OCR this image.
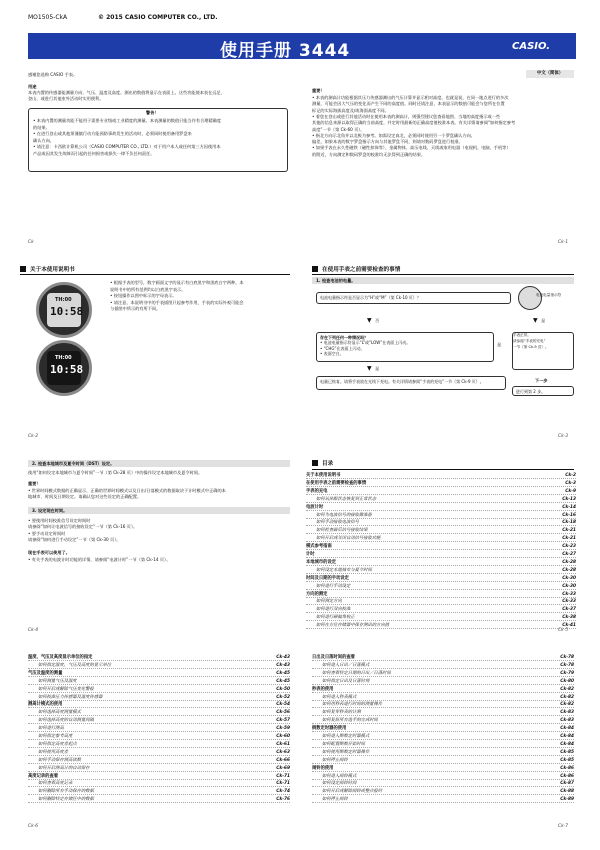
MO1505-CkA	© 2015 CASIO COMPUTER CO., LTD.
使用手册 3444	CASIO.
中文（简体）
感谢您选购 CASIO 手表。
用途
本表内置的传感器能测量方向、气压、温度及高度。测出的数值将显示在表面上。这些功能使本表在远足、
登山、或进行其他室外活动时实用便利。
警告！
• 本表内置的测量功能不能用于需要专业级或工业精度的测量。本表测量的数值只能当作有合理精确度
的结果。
• 在进行登山或其他须谨慎行动方能预防事故发生的活动时，必须同时使用备用罗盘来
确认方向。
• 请注意：卡西欧计算机公司（CASIO COMPUTER CO., LTD.）对于用户本人或任何第三方因使用本
产品或因其发生故障而引起的任何损害或损失一律不负任何责任。
Ck
重要！
• 本表的测高计功能根据其压力传感器测出的气压计算并显示相对高度。也就是说，在同一地点进行的多次
测量，可能会因大气压的变化而产生不同的高度值。同时还请注意，本表显示的数值可能会与您所在位置
标记的实际海拔高度及/或海面高度不同。
• 着您在登山或进行其他活动时在使用本表的测高计，则强烈建议您查看地图、当地的高度指示或一些
其他的信息来源以取得正确的当前高度，并定时用最新的正确高度值校准本表。有关详情请参阅“如何指定参考
高度”一节（第 Ck-60 页）。
• 指北方向示北角并以北极为参考。如需设定真北，必须同时使用另一个罗盘确认方向。
偏差，如果本表的数字罗盘指示方向与其他罗盘不同，则请对数码罗盘进行校准。
• 如果手表在永久性磁铁（磁性扣饰等）、金属物体、高压电线、天线或家用电器（电视机、电脑、手机等）
的附近，方向测定和数码罗盘的校准均无法得到正确的结果。
Ck-1
关于本使用说明书
TH:00
10:58
TH:00
10:58
• 根据手表的型号，数字画面文字的显示有白底黑字和黑底白字两种。本
说明书中的所有范例均以白底黑字表示。
• 按钮操作以图中标示的字母表示。
• 请注意，本说明书中的手表插图只起参考作用，手表的实际外观可能会
与插图中所示的有所不同。
Ck-2
在使用手表之前需要检查的事情
1. 检查电池的电量。
电池电量指示符是否显示为“H”或“M”（第 Ck-10 页）？	电池电量指示符
▼ 否	▼ 是
存在下列任何一种情况吗？
• 电池电量指示符显示“L”或“LOW”在表面上闪动。
• “CHG”在表面上闪动。
• 表面空白。
手表正常。
请参阅“手表的充电”
一节（第 Ck-9 页）。
是
▼ 是
电量已恢复。请将手表放在光线下充电。有关详情请参阅“手表的充电”一节（第 Ck-9 页）。	下一步
进行到第 2 步。
Ck-3
2. 检查本地城市及夏令时间（DST）设定。
使用“如何设定本地城市与夏令时间”一节（第 Ck-28 页）中的操作设定本地城市及夏令时间。
重要！
• 世界时间模式数据的正确显示，正确的世界时间模式以及日出/日落模式的数据取决于计时模式中正确的本
地城市、时间及日期设定。请确认您对这些设定的正确配置。
3. 设定现在时间。
• 要使用时间校准信号设定时间时
请参阅“如何让电波信号的接收设定”一节（第 Ck-16 页）。
• 要手动设定时间时
请参阅“如何进行手动设定”一节（第 Ck-30 页）。
现在手表可以使用了。
• 有关手表的电波计时功能的详情，请参阅“电波计时”一节（第 Ck-14 页）。
Ck-4
目录
关于本使用说明书	Ck-2
在使用手表之前需要检查的事情	Ck-3
手表的充电	Ck-9
如何从休眠状态恢复到正常状态	Ck-13
电波计时	Ck-14
如何为电波信号的接收做准备	Ck-16
如何手动接收电波信号	Ck-18
如何检查最后信号接收结果	Ck-21
如何开启或关闭自动信号接收功能	Ck-21
模式参考指南	Ck-23
计时	Ck-27
本地城市的设定	Ck-28
如何设定本地城市与夏令时间	Ck-28
时间及日期的手动设定	Ck-30
如何进行手动设定	Ck-30
方向的测定	Ck-33
如何测定方向	Ck-33
如何进行双向校准	Ck-37
如何进行磁偏角校正	Ck-38
如何在方位存储器中保存测出的方向值	Ck-41
Ck-5
温度、气压及高度显示单位的指定	Ck-43
如何指定温度、气压及高度的显示单位	Ck-43
气压及温度的测量	Ck-45
如何测量气压及温度	Ck-45
如何开启或解除气压变化警报	Ck-50
如何校准压力传感器及温度传感器	Ck-52
测高计模式的使用	Ck-54
如何选择高度测量模式	Ck-56
如何选择高度的自动测量间隔	Ck-57
如何进行测高	Ck-59
如何指定参考高度	Ck-60
如何指定高度差起点	Ck-61
如何使用高度差	Ck-63
如何手动保存测高读数	Ck-66
如何开启测高计的自动保存	Ck-69
高度记录的查看	Ck-71
如何查看高度记录	Ck-71
如何删除所有手动保存的数据	Ck-74
如何删除特定存储区中的数据	Ck-76
Ck-6
日出及日落时间的查看	Ck-78
如何进入日出／日落模式	Ck-78
如何查看特定日期的日出／日落时间	Ck-79
如何指定日出及日落时刻	Ck-80
秒表的使用	Ck-82
如何进入秒表模式	Ck-82
如何用秒表进行时间的测量操作	Ck-82
如何复零秒表的计测	Ck-83
如何复原所有选手的完成时间	Ck-83
倒数定时器的使用	Ck-84
如何进入倒数定时器模式	Ck-84
如何配置倒数开始时间	Ck-84
如何使用倒数定时器操作	Ck-85
如何停止闹铃	Ck-85
闹铃的使用	Ck-86
如何进入闹铃模式	Ck-86
如何设定闹铃时间	Ck-87
如何开启或解除闹铃或整点报时	Ck-88
如何停止闹铃	Ck-89
Ck-7
